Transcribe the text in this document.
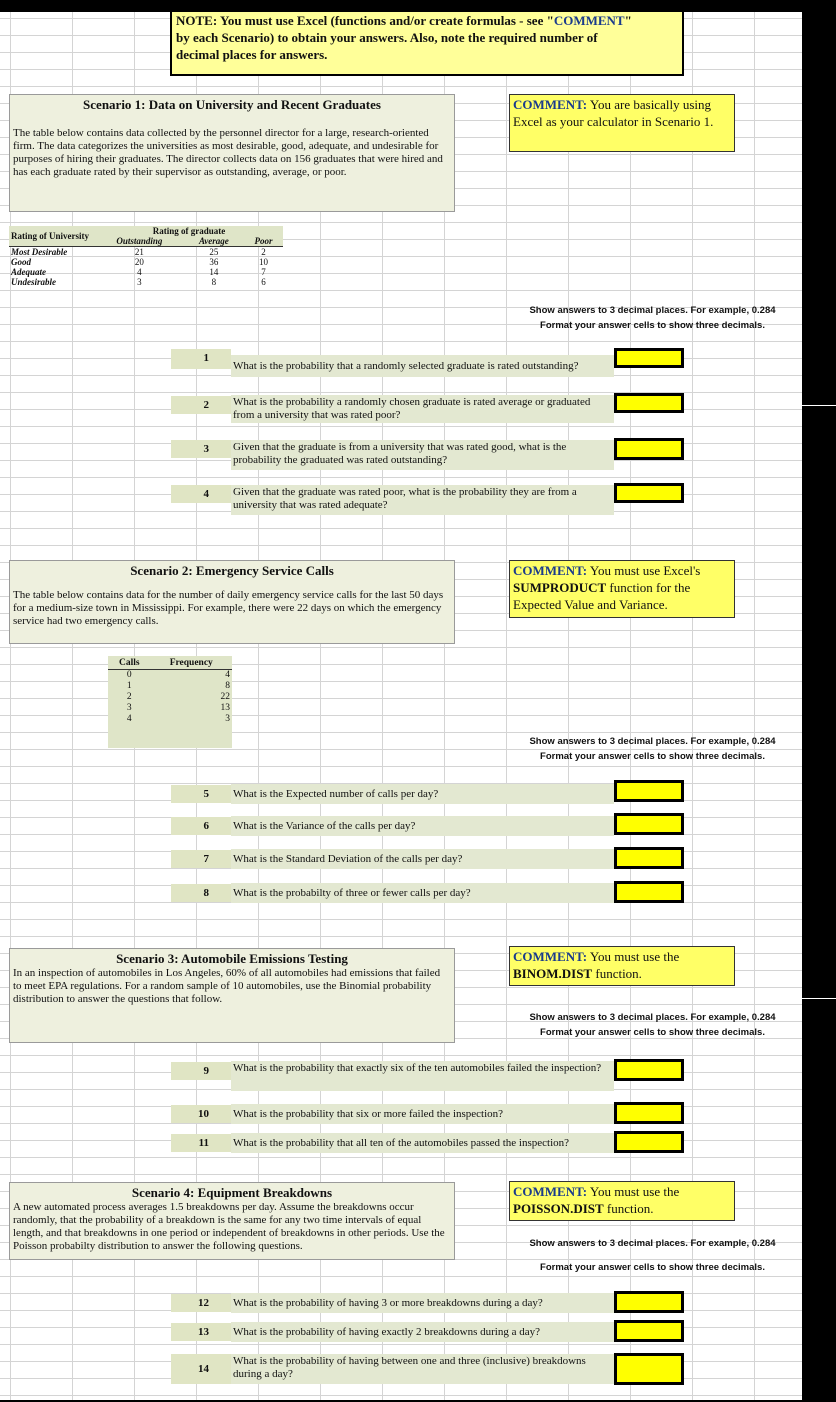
NOTE: You must use Excel (functions and/or create formulas - see "COMMENT"
by each Scenario) to obtain your answers. Also, note the required number of
decimal places for answers.
Scenario 1: Data on University and Recent Graduates
The table below contains data collected by the personnel director for a large, research-oriented firm. The data categorizes the universities as most desirable, good, adequate, and undesirable for purposes of hiring their graduates. The director collects data on 156 graduates that were hired and has each graduate rated by their supervisor as outstanding, average, or poor.
COMMENT: You are basically using Excel as your calculator in Scenario 1.
Rating of University	Rating of graduate		
	Outstanding	Average	Poor
Most Desirable	21	25	2
Good	20	36	10
Adequate	4	14	7
Undesirable	3	8	6
Show answers to 3 decimal places. For example, 0.284
Format your answer cells to show three decimals.
1
What is the probability that a randomly selected graduate is rated outstanding?
2	What is the probability a randomly chosen graduate is rated average or graduated from a university that was rated poor?
3	Given that the graduate is from a university that was rated good, what is the probability the graduated was rated outstanding?
4	Given that the graduate was rated poor, what is the probability they are from a university that was rated adequate?
Scenario 2: Emergency Service Calls
The table below contains data for the number of daily emergency service calls for the last 50 days for a medium-size town in Mississippi. For example, there were 22 days on which the emergency service had two emergency calls.
COMMENT: You must use Excel's SUMPRODUCT function for the Expected Value and Variance.
Calls	Frequency
0	4
1	8
2	22
3	13
4	3
Show answers to 3 decimal places. For example, 0.284
Format your answer cells to show three decimals.
5	What is the Expected number of calls per day?
6	What is the Variance of the calls per day?
7	What is the Standard Deviation of the calls per day?
8	What is the probabilty of three or fewer calls per day?
Scenario 3: Automobile Emissions Testing
In an inspection of automobiles in Los Angeles, 60% of all automobiles had emissions that failed to meet EPA regulations. For a random sample of 10 automobiles, use the Binomial probability distribution to answer the questions that follow.
COMMENT: You must use the
BINOM.DIST function.
Show answers to 3 decimal places. For example, 0.284
Format your answer cells to show three decimals.
9	What is the probability that exactly six of the ten automobiles failed the inspection?
10	What is the probability that six or more failed the inspection?
11	What is the probability that all ten of the automobiles passed the inspection?
Scenario 4: Equipment Breakdowns
A new automated process averages 1.5 breakdowns per day. Assume the breakdowns occur randomly, that the probability of a breakdown is the same for any two time intervals of equal length, and that breakdowns in one period or independent of breakdowns in other periods. Use the Poisson probabilty distribution to answer the following questions.
COMMENT: You must use the
POISSON.DIST function.
Show answers to 3 decimal places. For example, 0.284
Format your answer cells to show three decimals.
12	What is the probability of having 3 or more breakdowns during a day?
13	What is the probability of having exactly 2 breakdowns during a day?
14
What is the probability of having between one and three (inclusive) breakdowns during a day?
